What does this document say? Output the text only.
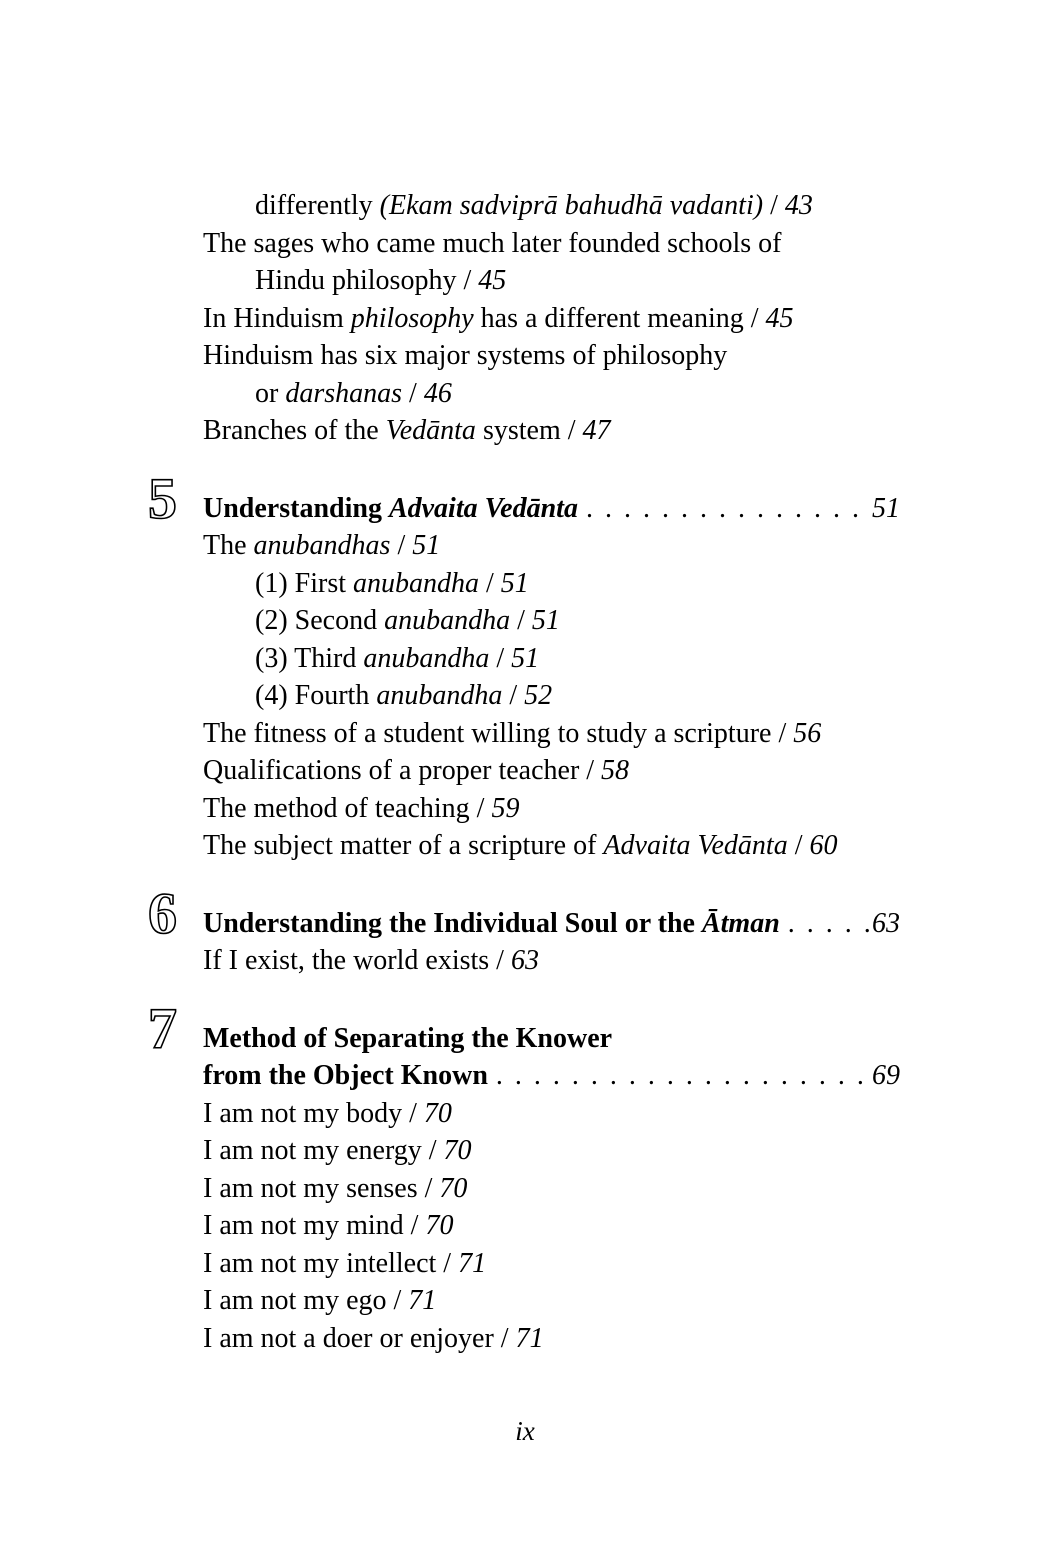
differently (Ekam sadviprā bahudhā vadanti) / 43
The sages who came much later founded schools of
Hindu philosophy / 45
In Hinduism philosophy has a different meaning / 45
Hinduism has six major systems of philosophy
or darshanas / 46
Branches of the Vedānta system / 47
5 Understanding Advaita Vedānta .....	51
The anubandhas / 51
(1) First anubandha / 51
(2) Second anubandha / 51
(3) Third anubandha / 51
(4) Fourth anubandha / 52
The fitness of a student willing to study a scripture / 56
Qualifications of a proper teacher / 58
The method of teaching / 59
The subject matter of a scripture of Advaita Vedānta / 60
6 Understanding the Individual Soul or the Ātman .....	63
If I exist, the world exists / 63
7 Method of Separating the Knower
from the Object Known .....	69
I am not my body / 70
I am not my energy / 70
I am not my senses / 70
I am not my mind / 70
I am not my intellect / 71
I am not my ego / 71
I am not a doer or enjoyer / 71
ix
